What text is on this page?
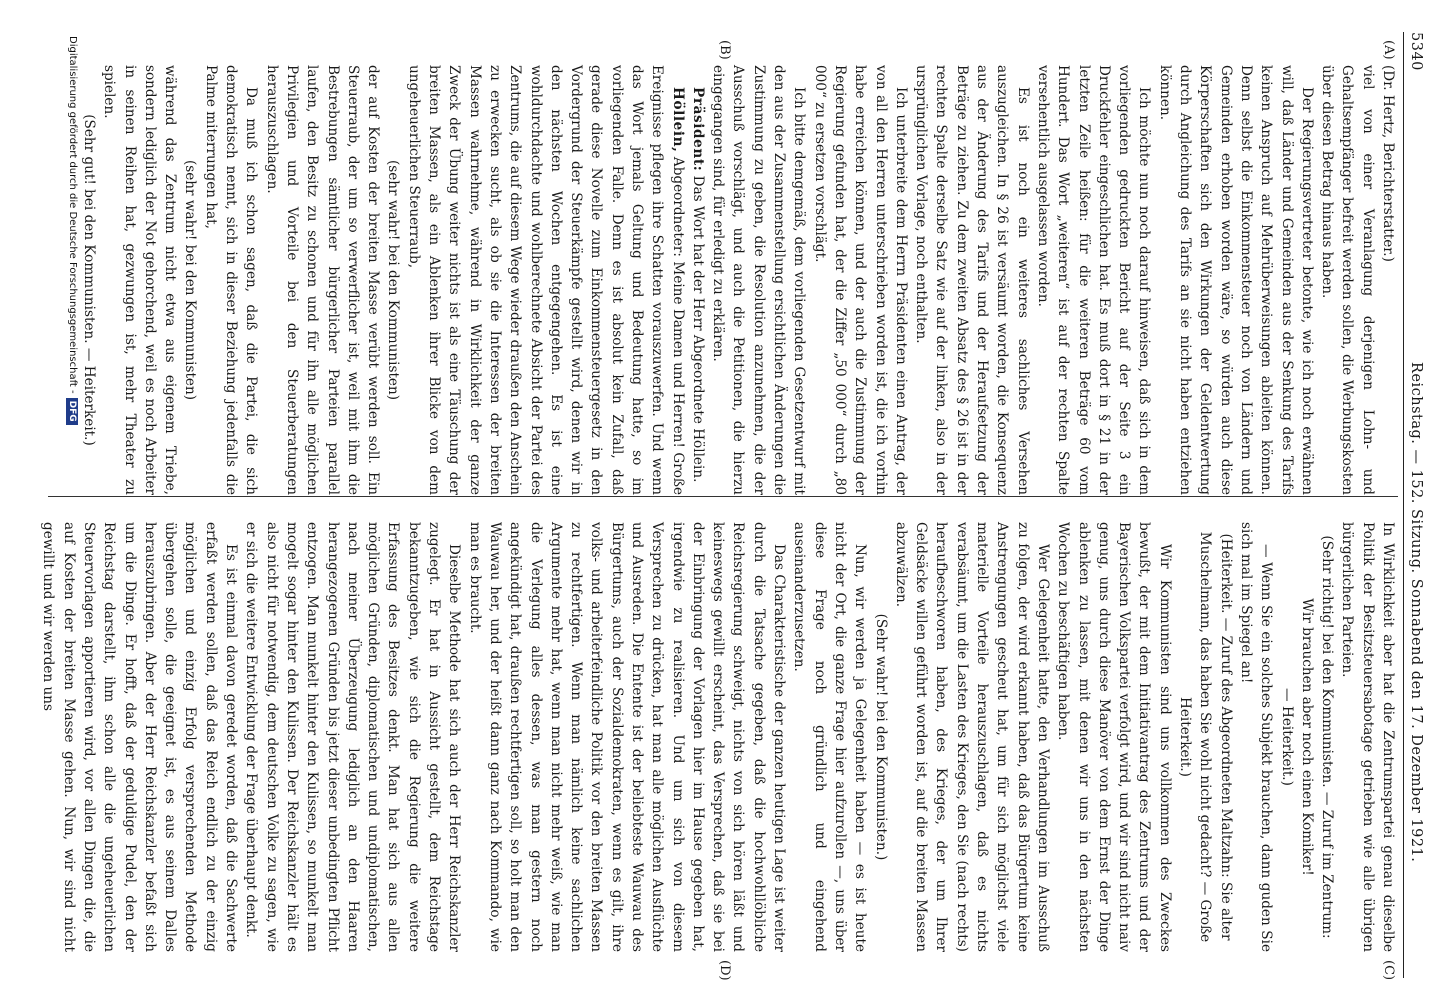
5340
Reichstag. — 152. Sitzung. Sonnabend den 17. Dezember 1921.
(A)
(B)
(C)
(D)

(Dr. Hertz, Berichterstatter.)

viel von einer Veranlagung derjenigen Lohn- und Gehaltsempfänger befreit werden sollen, die Werbungskosten über diesen Betrag hinaus haben.

Der Regierungsvertreter betonte, wie ich noch erwähnen will, daß Länder und Gemeinden aus der Senkung des Tarifs keinen Anspruch auf Mehrüberweisungen ableiten können. Denn selbst die Einkommensteuer noch von Ländern und Gemeinden erhoben worden wäre, so würden auch diese Körperschaften sich den Wirkungen der Geldentwertung durch Angleichung des Tarifs an sie nicht haben entziehen können.

Ich möchte nun noch darauf hinweisen, daß sich in dem vorliegenden gedruckten Bericht auf der Seite 3 ein Druckfehler eingeschlichen hat. Es muß dort in § 21 in der letzten Zeile heißen: für die weiteren Beträge 60 vom Hundert. Das Wort „weiteren“ ist auf der rechten Spalte versehentlich ausgelassen worden.

Es ist noch ein weiteres sachliches Versehen auszugleichen. In § 26 ist versäumt worden, die Konsequenz aus der Änderung des Tarifs und der Heraufsetzung der Beträge zu ziehen. Zu dem zweiten Absatz des § 26 ist in der rechten Spalte derselbe Satz wie auf der linken, also in der ursprünglichen Vorlage, noch enthalten.

Ich unterbreite dem Herrn Präsidenten einen Antrag, der von all den Herren unterschrieben worden ist, die ich vorhin habe erreichen können, und der auch die Zustimmung der Regierung gefunden hat, der die Ziffer „50 000“ durch „80 000“ zu ersetzen vorschlägt.

Ich bitte demgemäß, dem vorliegenden Gesetzentwurf mit den aus der Zusammenstellung ersichtlichen Änderungen die Zustimmung zu geben, die Resolution anzunehmen, die der Ausschuß vorschlägt, und auch die Petitionen, die hierzu eingegangen sind, für erledigt zu erklären.

Präsident: Das Wort hat der Herr Abgeordnete Höllein.

Höllein, Abgeordneter: Meine Damen und Herren! Große Ereignisse pflegen ihre Schatten vorauszuwerfen. Und wenn das Wort jemals Geltung und Bedeutung hatte, so im vorliegenden Falle. Denn es ist absolut kein Zufall, daß gerade diese Novelle zum Einkommensteuergesetz in den Vordergrund der Steuerkämpfe gestellt wird, denen wir in den nächsten Wochen entgegengehen. Es ist eine wohldurchdachte und wohlberechnete Absicht der Partei des Zentrums, die auf diesem Wege wieder draußen den Anschein zu erwecken sucht, als ob sie die Interessen der breiten Massen wahrnehme, während in Wirklichkeit der ganze Zweck der Übung weiter nichts ist als eine Täuschung der breiten Massen, als ein Ablenken ihrer Blicke von dem ungeheuerlichen Steuerraub,

(sehr wahr! bei den Kommunisten)

der auf Kosten der breiten Masse verübt werden soll. Ein Steuerraub, der um so verwerflicher ist, weil mit ihm die Bestrebungen sämtlicher bürgerlicher Parteien parallel laufen, den Besitz zu schonen und für ihn alle möglichen Privilegien und Vorteile bei den Steuerberatungen herauszuschlagen.

Da muß ich schon sagen, daß die Partei, die sich demokratisch nennt, sich in dieser Beziehung jedenfalls die Palme miterrungen hat,

(sehr wahr! bei den Kommunisten)

während das Zentrum nicht etwa aus eigenem Triebe, sondern lediglich der Not gehorchend, weil es noch Arbeiter in seinen Reihen hat, gezwungen ist, mehr Theater zu spielen.

(Sehr gut! bei den Kommunisten. — Heiterkeit.)

In Wirklichkeit aber hat die Zentrumspartei genau dieselbe Politik der Besitzsteuersabotage getrieben wie alle übrigen bürgerlichen Parteien.

(Sehr richtig! bei den Kommunisten. — Zuruf im Zentrum: Wir brauchen aber noch einen Komiker!

— Heiterkeit.)

— Wenn Sie ein solches Subjekt brauchen, dann guden Sie sich mal im Spiegel an!

(Heiterkeit. — Zuruf des Abgeordneten Maltzahn: Sie alter Muschelmann, das haben Sie wohl nicht gedacht? — Große Heiterkeit.)

Wir Kommunisten sind uns vollkommen des Zweckes bewußt, der mit dem Initiativantrag des Zentrums und der Bayerischen Volkspartei verfolgt wird, und wir sind nicht naiv genug, uns durch diese Manöver von dem Ernst der Dinge ablenken zu lassen, mit denen wir uns in den nächsten Wochen zu beschäftigen haben.

Wer Gelegenheit hatte, den Verhandlungen im Ausschuß zu folgen, der wird erkannt haben, daß das Bürgertum keine Anstrengungen gescheut hat, um für sich möglichst viele materielle Vorteile herauszuschlagen, daß es nichts verabsäumt, um die Lasten des Krieges, den Sie (nach rechts) heraufbeschworen haben, des Krieges, der um Ihrer Geldsäcke willen geführt worden ist, auf die breiten Massen abzuwälzen.

(Sehr wahr! bei den Kommunisten.)

Nun, wir werden ja Gelegenheit haben — es ist heute nicht der Ort, die ganze Frage hier aufzurollen —, uns über diese Frage noch gründlich und eingehend auseinanderzusetzen.

Das Charakteristische der ganzen heutigen Lage ist weiter durch die Tatsache gegeben, daß die hochwohllöbliche Reichsregierung schweigt, nichts von sich hören läßt und keineswegs gewillt erscheint, das Versprechen, daß sie bei der Einbringung der Vorlagen hier im Hause gegeben hat, irgendwie zu realisieren. Und um sich von diesem Versprechen zu drücken, hat man alle möglichen Ausflüchte und Ausreden. Die Entente ist der beliebteste Wauwau des Bürgertums, auch der Sozialdemokraten, wenn es gilt, ihre volks- und arbeiterfeindliche Politik vor den breiten Massen zu rechtfertigen. Wenn man nämlich keine sachlichen Argumente mehr hat, wenn man nicht mehr weiß, wie man die Verlegung alles dessen, was man gestern noch angekündigt hat, draußen rechtfertigen soll, so holt man den Wauwau her, und der heißt dann ganz nach Kommando, wie man es braucht.

Dieselbe Methode hat sich auch der Herr Reichskanzler zugelegt. Er hat in Aussicht gestellt, dem Reichstage bekanntzugeben, wie sich die Regierung die weitere Erfassung des Besitzes denkt. Man hat sich aus allen möglichen Gründen, diplomatischen und undiplomatischen, nach meiner Überzeugung lediglich an den Haaren herangezogenen Gründen bis jetzt dieser unbedingten Pflicht entzogen. Man munkelt hinter den Kulissen, so munkelt man mogelt sogar hinter den Kulissen. Der Reichskanzler hält es also nicht für notwendig, dem deutschen Volke zu sagen, wie er sich die weitere Entwicklung der Frage überhaupt denkt.

Es ist einmal davon geredet worden, daß die Sachwerte erfaßt werden sollen, daß das Reich endlich zu der einzig möglichen und einzig Erfolg versprechenden Methode übergehen solle, die geeignet ist, es aus seinem Dalles herauszubringen. Aber der Herr Reichskanzler befaßt sich um die Dinge. Er hofft, daß der geduldige Pudel, den der Reichstag darstellt, ihm schon alle die ungeheuerlichen Steuervorlagen apportieren wird, vor allen Dingen die, die auf Kosten der breiten Masse gehen. Nun, wir sind nicht gewillt und wir werden uns

Digitalisierung gefördert durch die Deutsche Forschungsgemeinschaft -DFG
